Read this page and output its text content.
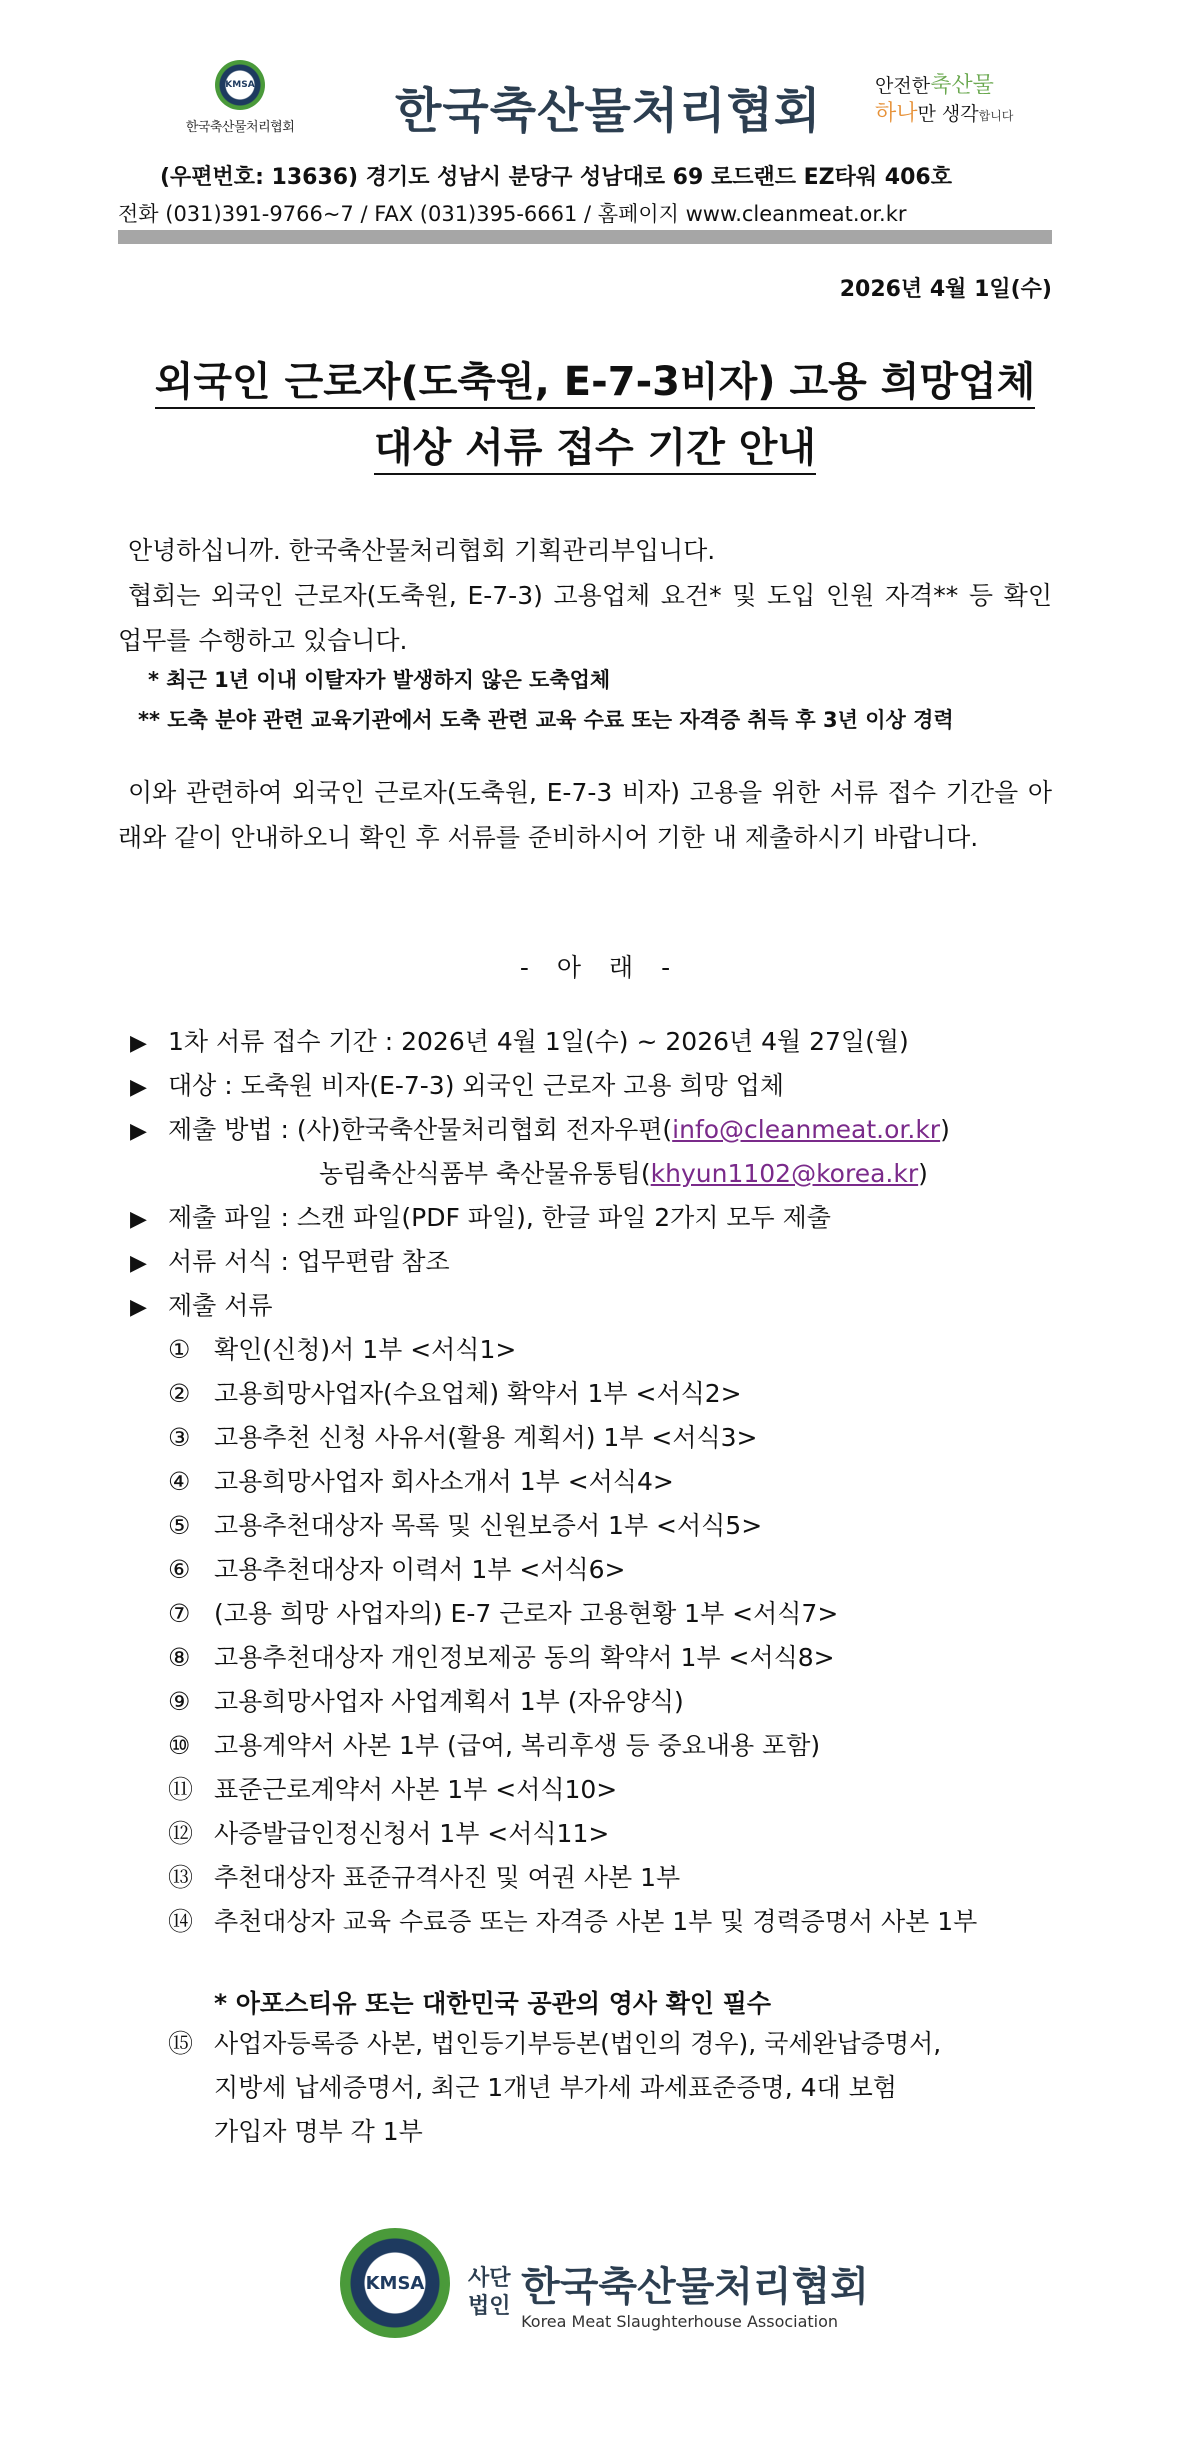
KMSA
한국축산물처리협회 한국축산물처리협회	안전한축산물
하나만 생각합니다
(우편번호: 13636) 경기도 성남시 분당구 성남대로 69 로드랜드 EZ타워 406호
전화 (031)391-9766~7 / FAX (031)395-6661 / 홈페이지 www.cleanmeat.or.kr
2026년 4월 1일(수)
외국인 근로자(도축원, E-7-3비자) 고용 희망업체
대상 서류 접수 기간 안내
안녕하십니까. 한국축산물처리협회 기획관리부입니다.
협회는 외국인 근로자(도축원, E-7-3) 고용업체 요건* 및 도입 인원 자격** 등 확인 업무를 수행하고 있습니다.
* 최근 1년 이내 이탈자가 발생하지 않은 도축업체
** 도축 분야 관련 교육기관에서 도축 관련 교육 수료 또는 자격증 취득 후 3년 이상 경력
이와 관련하여 외국인 근로자(도축원, E-7-3 비자) 고용을 위한 서류 접수 기간을 아래와 같이 안내하오니 확인 후 서류를 준비하시어 기한 내 제출하시기 바랍니다.
- 아 래 -
▶ 1차 서류 접수 기간 : 2026년 4월 1일(수) ~ 2026년 4월 27일(월)
▶ 대상 : 도축원 비자(E-7-3) 외국인 근로자 고용 희망 업체
▶ 제출 방법 : (사)한국축산물처리협회 전자우편(info@cleanmeat.or.kr)
농림축산식품부 축산물유통팀(khyun1102@korea.kr)
▶ 제출 파일 : 스캔 파일(PDF 파일), 한글 파일 2가지 모두 제출
▶ 서류 서식 : 업무편람 참조
▶ 제출 서류
① 확인(신청)서 1부 <서식1>
② 고용희망사업자(수요업체) 확약서 1부 <서식2>
③ 고용추천 신청 사유서(활용 계획서) 1부 <서식3>
④ 고용희망사업자 회사소개서 1부 <서식4>
⑤ 고용추천대상자 목록 및 신원보증서 1부 <서식5>
⑥ 고용추천대상자 이력서 1부 <서식6>
⑦ (고용 희망 사업자의) E-7 근로자 고용현황 1부 <서식7>
⑧ 고용추천대상자 개인정보제공 동의 확약서 1부 <서식8>
⑨ 고용희망사업자 사업계획서 1부 (자유양식)
⑩ 고용계약서 사본 1부 (급여, 복리후생 등 중요내용 포함)
⑪ 표준근로계약서 사본 1부 <서식10>
⑫ 사증발급인정신청서 1부 <서식11>
⑬ 추천대상자 표준규격사진 및 여권 사본 1부
⑭ 추천대상자 교육 수료증 또는 자격증 사본 1부 및 경력증명서 사본 1부
* 아포스티유 또는 대한민국 공관의 영사 확인 필수
⑮ 사업자등록증 사본, 법인등기부등본(법인의 경우), 국세완납증명서,
지방세 납세증명서, 최근 1개년 부가세 과세표준증명, 4대 보험
가입자 명부 각 1부
KMSA 사단
법인
한국축산물처리협회
Korea Meat Slaughterhouse Association
